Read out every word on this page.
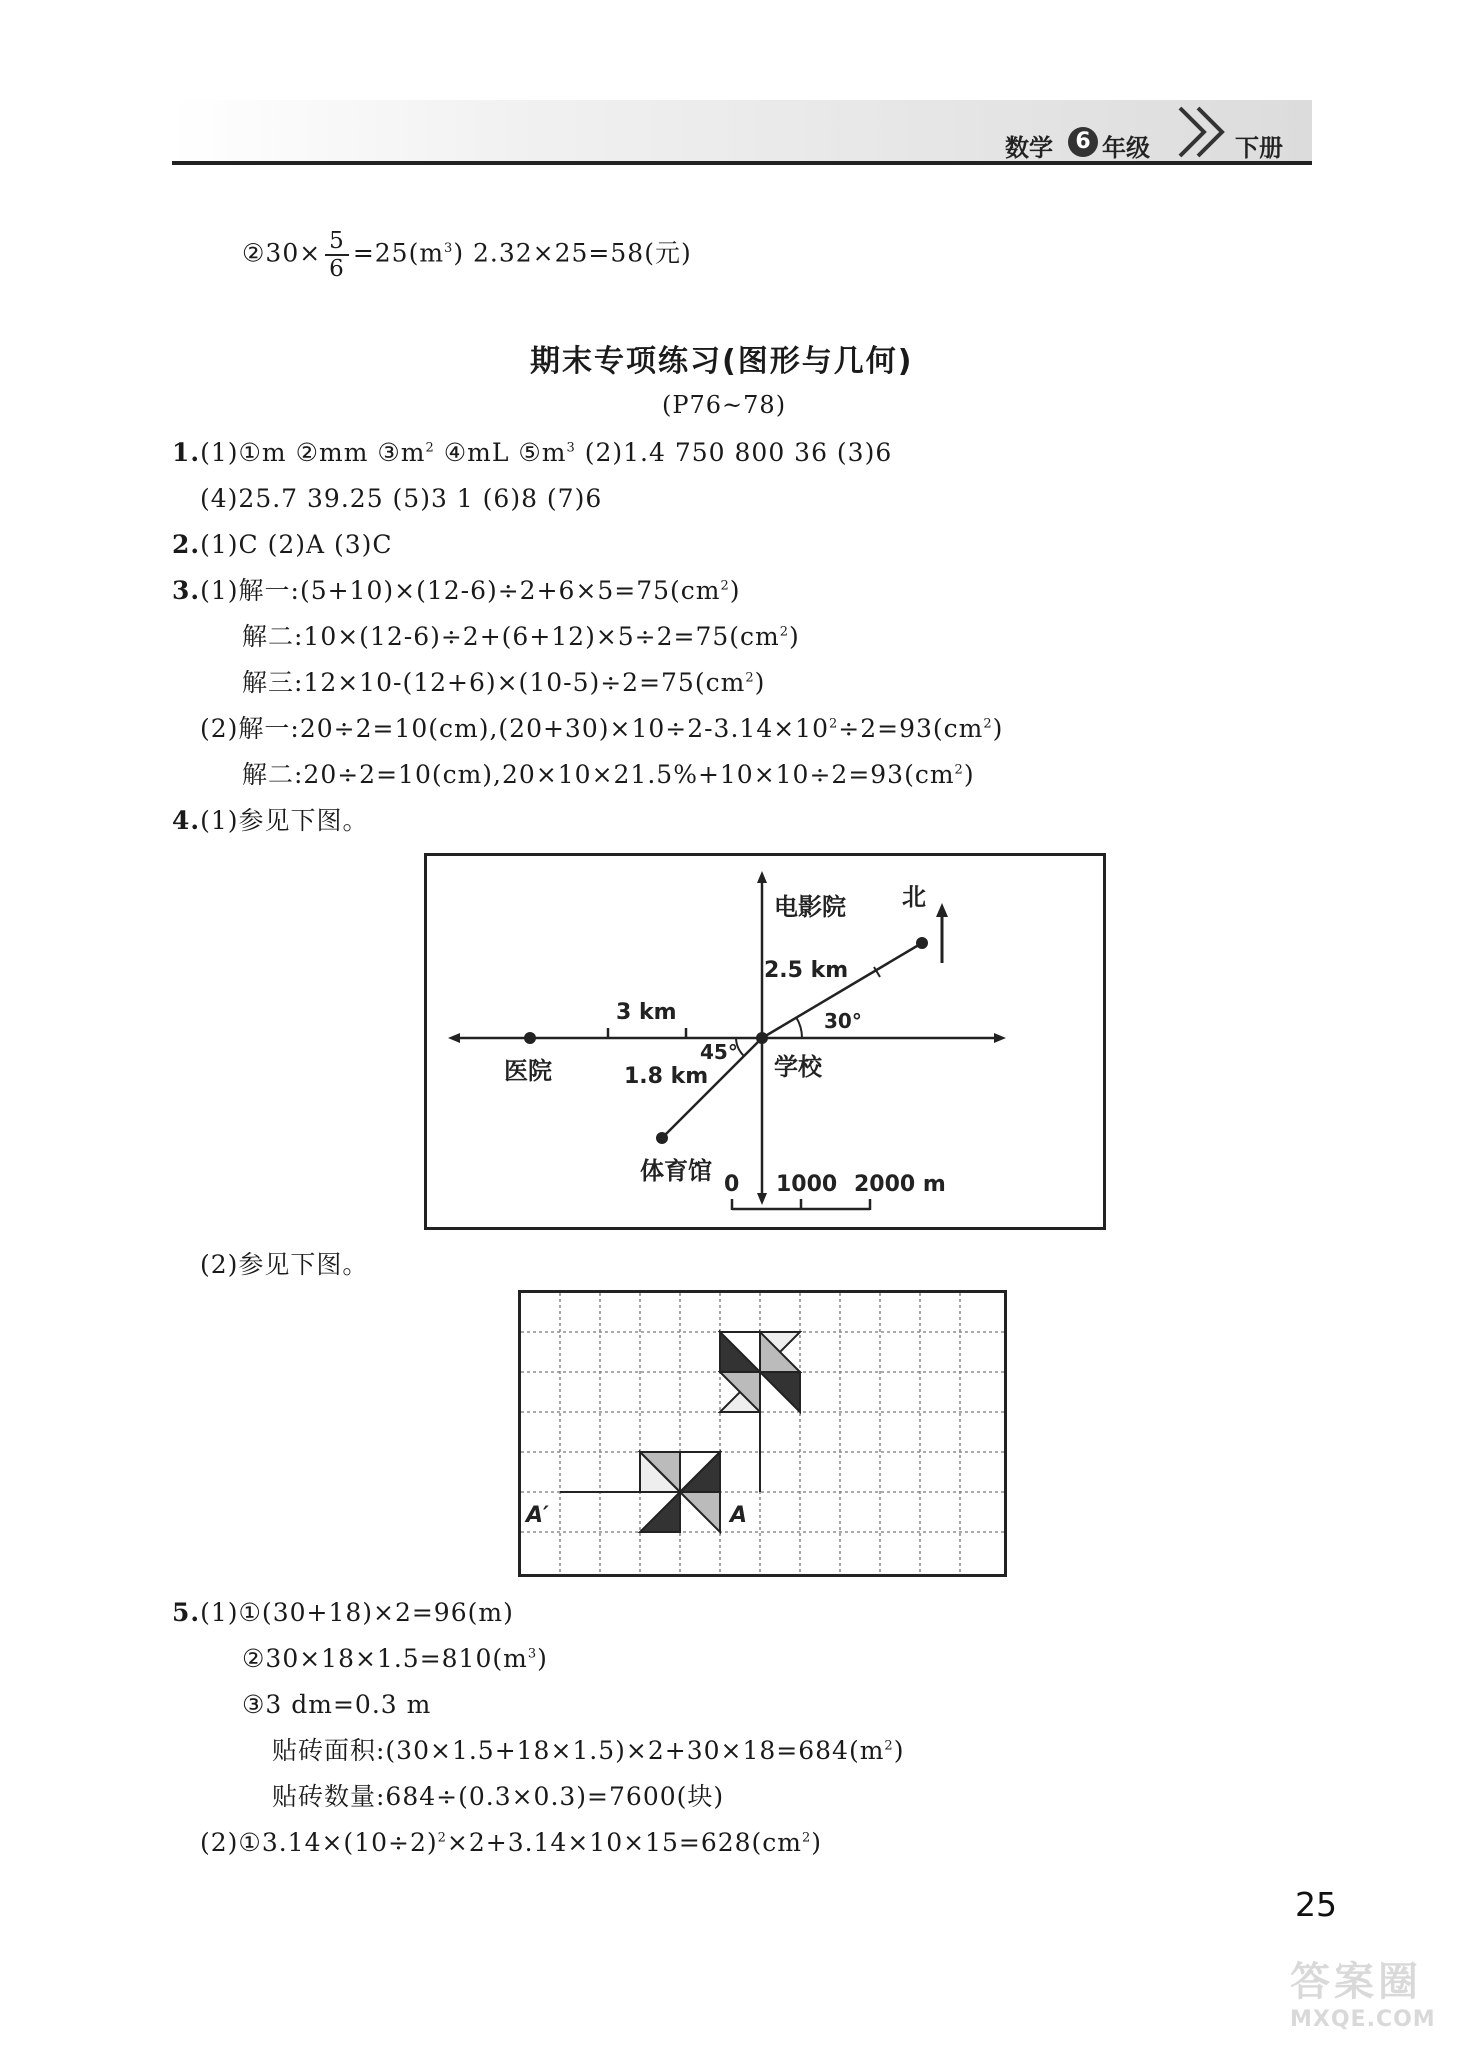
数学	6 年级	下册
②30× $\frac{5}{6} =25(m^3)$ 2.32×25=58(元)
期末专项练习(图形与几何)
(P76~78)
1.(1)①m ②mm $③m^2$ ④mL $⑤m^3$ (2)1.4 750 800 36 (3)6
(4)25.7 39.25 (5)3 1 (6)8 (7)6
2.(1)C (2)A (3)C
3.(1)解一$:(5+10)\times(12-6)\div 2+6\times 5=75(cm^2)$
解二$:10\times(12-6)\div 2+(6+12)\times 5\div 2=75(cm^2)$
解三$:12\times 10-(12+6)\times(10-5)\div 2=75(cm^2)$
(2)解一$:20\div 2=10(cm),(20+30)\times 10\div 2-3.14\times 10^2\div 2=93(cm^2)$
解二$:20\div 2=10(cm),20\times 10\times 21.5\%+10\times 10\div 2=93(cm^2)$
4.(1)参见下图。
北
电影院
2.5 km
30°
3 km
45°
医院	1.8 km	学校
体育馆 0 1000 2000 m
(2)参见下图。
A′	A
5.(1)①(30+18)×2=96(m)
$②30\times 18\times 1.5=810(m^3)$
③3 dm=0.3 m
贴砖面积$:(30\times 1.5+18\times 1.5)\times 2+30\times 18=684(m^2)$
贴砖数量:684÷(0.3×0.3)=7600(块)
$(2)①3.14\times(10\div 2)^2\times 2+3.14\times 10\times 15=628(cm^2)$
25
答案圈
MXQE.COM
